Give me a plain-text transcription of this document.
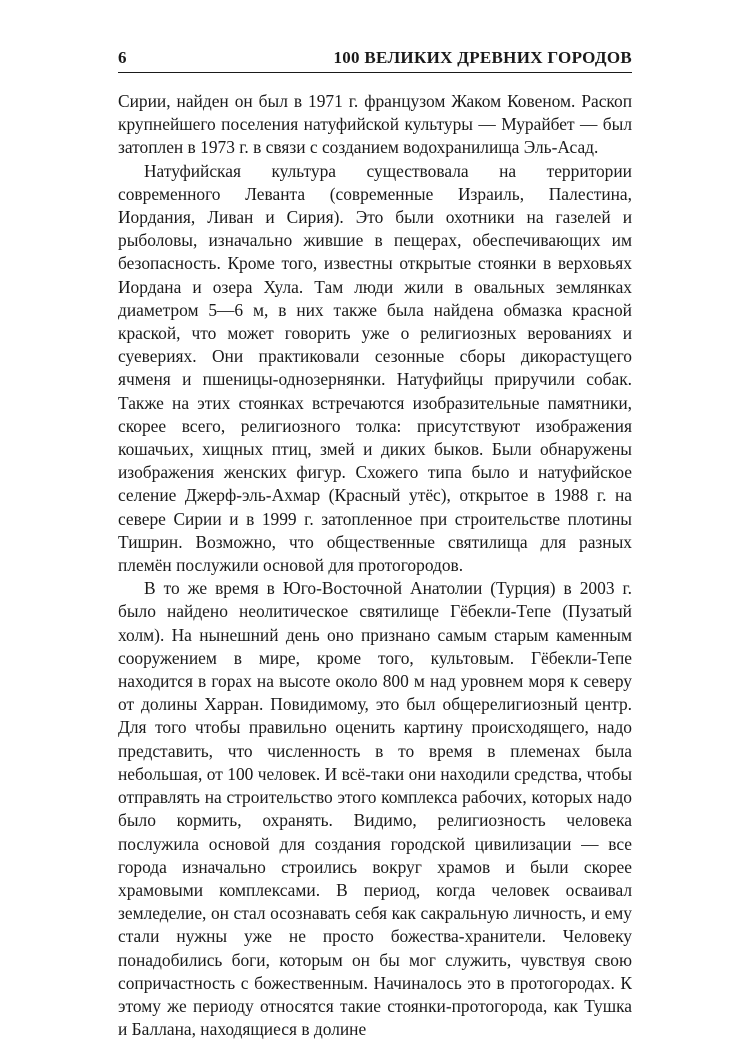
6	100 ВЕЛИКИХ ДРЕВНИХ ГОРОДОВ

Сирии, найден он был в 1971 г. французом Жаком Ковеном. Раскоп крупнейшего поселения натуфийской культуры — Мурайбет — был затоплен в 1973 г. в связи с созданием водохранилища Эль-Асад.

Натуфийская культура существовала на территории современного Леванта (современные Израиль, Палестина, Иордания, Ливан и Сирия). Это были охотники на газелей и рыболовы, изначально жившие в пещерах, обеспечивающих им безопасность. Кроме того, известны открытые стоянки в верховьях Иордана и озера Хула. Там люди жили в овальных землянках диаметром 5—6 м, в них также была найдена обмазка красной краской, что может говорить уже о религиозных верованиях и суевериях. Они практиковали сезонные сборы дикорастущего ячменя и пшеницы-однозернянки. Натуфийцы приручили собак. Также на этих стоянках встречаются изобразительные памятники, скорее всего, религиозного толка: присутствуют изображения кошачьих, хищных птиц, змей и диких быков. Были обнаружены изображения женских фигур. Схожего типа было и натуфийское селение Джерф-эль-Ахмар (Красный утёс), открытое в 1988 г. на севере Сирии и в 1999 г. затопленное при строительстве плотины Тишрин. Возможно, что общественные святилища для разных племён послужили основой для протогородов.

В то же время в Юго-Восточной Анатолии (Турция) в 2003 г. было найдено неолитическое святилище Гёбекли-Тепе (Пузатый холм). На нынешний день оно признано самым старым каменным сооружением в мире, кроме того, культовым. Гёбекли-Тепе находится в горах на высоте около 800 м над уровнем моря к северу от долины Харран. Повидимому, это был общерелигиозный центр. Для того чтобы правильно оценить картину происходящего, надо представить, что численность в то время в племенах была небольшая, от 100 человек. И всё-таки они находили средства, чтобы отправлять на строительство этого комплекса рабочих, которых надо было кормить, охранять. Видимо, религиозность человека послужила основой для создания городской цивилизации — все города изначально строились вокруг храмов и были скорее храмовыми комплексами. В период, когда человек осваивал земледелие, он стал осознавать себя как сакральную личность, и ему стали нужны уже не просто божества-хранители. Человеку понадобились боги, которым он бы мог служить, чувствуя свою сопричастность с божественным. Начиналось это в протогородах. К этому же периоду относятся такие стоянки-протогорода, как Тушка и Баллана, находящиеся в долине
